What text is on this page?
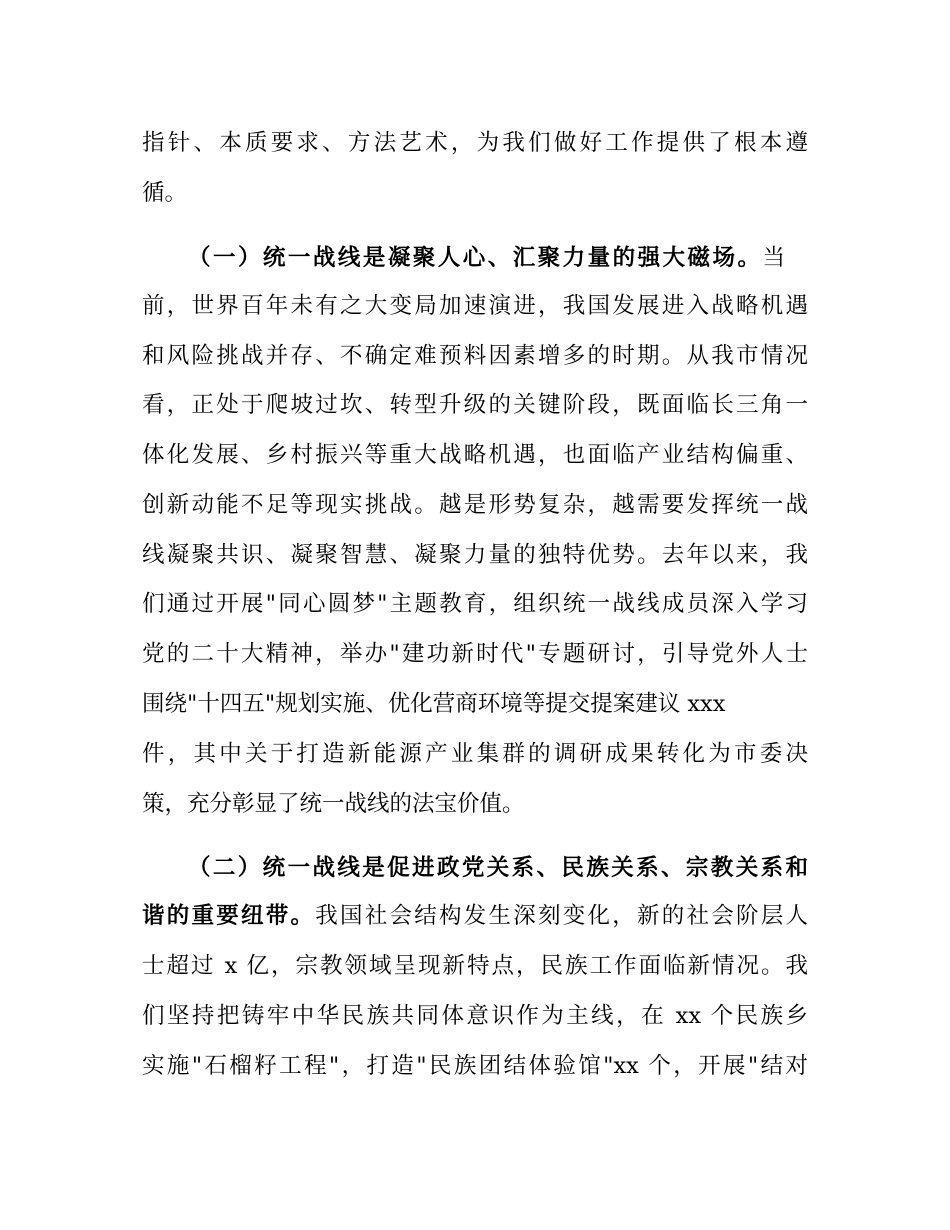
指针、本质要求、方法艺术，为我们做好工作提供了根本遵
循。
（一）统一战线是凝聚人心、汇聚力量的强大磁场。当
前，世界百年未有之大变局加速演进，我国发展进入战略机遇
和风险挑战并存、不确定难预料因素增多的时期。从我市情况
看，正处于爬坡过坎、转型升级的关键阶段，既面临长三角一
体化发展、乡村振兴等重大战略机遇，也面临产业结构偏重、
创新动能不足等现实挑战。越是形势复杂，越需要发挥统一战
线凝聚共识、凝聚智慧、凝聚力量的独特优势。去年以来，我
们通过开展"同心圆梦"主题教育，组织统一战线成员深入学习
党的二十大精神，举办"建功新时代"专题研讨，引导党外人士
围绕"十四五"规划实施、优化营商环境等提交提案建议 xxx
件，其中关于打造新能源产业集群的调研成果转化为市委决
策，充分彰显了统一战线的法宝价值。
（二）统一战线是促进政党关系、民族关系、宗教关系和
谐的重要纽带。我国社会结构发生深刻变化，新的社会阶层人
士超过 x 亿，宗教领域呈现新特点，民族工作面临新情况。我
们坚持把铸牢中华民族共同体意识作为主线，在 xx 个民族乡
实施"石榴籽工程"，打造"民族团结体验馆"xx 个，开展"结对
